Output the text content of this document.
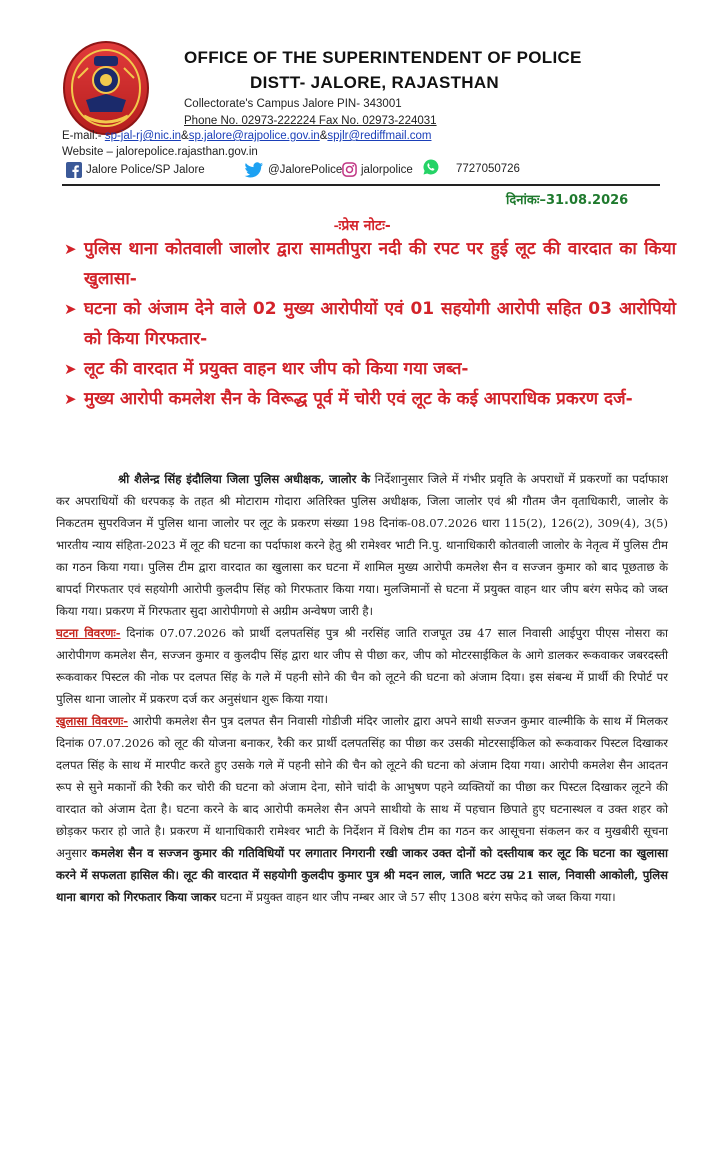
OFFICE OF THE SUPERINTENDENT OF POLICE
DISTT- JALORE, RAJASTHAN
Collectorate's Campus Jalore PIN- 343001
Phone No. 02973-222224 Fax No. 02973-224031
E-mail:- sp-jal-rj@nic.in&sp.jalore@rajpolice.gov.in&spjlr@rediffmail.com
Website – jalorepolice.rajasthan.gov.in
Jalore Police/SP Jalore	@JalorePolice jalorpolice	7727050726
दिनांकः–31.08.2026
-ःप्रेस नोटः-
➤ पुलिस थाना कोतवाली जालोर द्वारा सामतीपुरा नदी की रपट पर हुई लूट की वारदात का किया खुलासा-
➤ घटना को अंजाम देने वाले 02 मुख्य आरोपीयों एवं 01 सहयोगी आरोपी सहित 03 आरोपियो को किया गिरफतार-
➤ लूट की वारदात में प्रयुक्त वाहन थार जीप को किया गया जब्त-
➤ मुख्य आरोपी कमलेश सैन के विरूद्ध पूर्व में चोरी एवं लूट के कई आपराधिक प्रकरण दर्ज-

श्री शैलेन्द्र सिंह इंदौलिया जिला पुलिस अधीक्षक, जालोर के निर्देशानुसार जिले में गंभीर प्रवृति के अपराधों में प्रकरणों का पर्दाफाश कर अपराधियों की धरपकड़ के तहत श्री मोटाराम गोदारा अतिरिक्त पुलिस अधीक्षक, जिला जालोर एवं श्री गौतम जैन वृताधिकारी, जालोर के निकटतम सुपरविजन में पुलिस थाना जालोर पर लूट के प्रकरण संख्या 198 दिनांक-08.07.2026 धारा 115(2), 126(2), 309(4), 3(5) भारतीय न्याय संहिता-2023 में लूट की घटना का पर्दाफाश करने हेतु श्री रामेश्वर भाटी नि.पु. थानाधिकारी कोतवाली जालोर के नेतृत्व में पुलिस टीम का गठन किया गया। पुलिस टीम द्वारा वारदात का खुलासा कर घटना में शामिल मुख्य आरोपी कमलेश सैन व सज्जन कुमार को बाद पूछताछ के बापर्दा गिरफतार एवं सहयोगी आरोपी कुलदीप सिंह को गिरफतार किया गया। मुलजिमानों से घटना में प्रयुक्त वाहन थार जीप बरंग सफेद को जब्त किया गया। प्रकरण में गिरफतार सुदा आरोपीगणो से अग्रीम अन्वेषण जारी है।

घटना विवरणः- दिनांक 07.07.2026 को प्रार्थी दलपतसिंह पुत्र श्री नरसिंह जाति राजपूत उम्र 47 साल निवासी आईपुरा पीएस नोसरा का आरोपीगण कमलेश सैन, सज्जन कुमार व कुलदीप सिंह द्वारा थार जीप से पीछा कर, जीप को मोटरसाईकिल के आगे डालकर रूकवाकर जबरदस्ती रूकवाकर पिस्टल की नोक पर दलपत सिंह के गले में पहनी सोने की चैन को लूटने की घटना को अंजाम दिया। इस संबन्ध में प्रार्थी की रिपोर्ट पर पुलिस थाना जालोर में प्रकरण दर्ज कर अनुसंधान शुरू किया गया।

खुलासा विवरणः- आरोपी कमलेश सैन पुत्र दलपत सैन निवासी गोडीजी मंदिर जालोर द्वारा अपने साथी सज्जन कुमार वाल्मीकि के साथ में मिलकर दिनांक 07.07.2026 को लूट की योजना बनाकर, रैकी कर प्रार्थी दलपतसिंह का पीछा कर उसकी मोटरसाईकिल को रूकवाकर पिस्टल दिखाकर दलपत सिंह के साथ में मारपीट करते हुए उसके गले में पहनी सोने की चैन को लूटने की घटना को अंजाम दिया गया। आरोपी कमलेश सैन आदतन रूप से सुने मकानों की रैकी कर चोरी की घटना को अंजाम देना, सोने चांदी के आभुषण पहने व्यक्तियों का पीछा कर पिस्टल दिखाकर लूटने की वारदात को अंजाम देता है। घटना करने के बाद आरोपी कमलेश सैन अपने साथीयो के साथ में पहचान छिपाते हुए घटनास्थल व उक्त शहर को छोड़कर फरार हो जाते है। प्रकरण में थानाधिकारी रामेश्वर भाटी के निर्देशन में विशेष टीम का गठन कर आसूचना संकलन कर व मुखबीरी सूचना अनुसार कमलेश सैन व सज्जन कुमार की गतिविधियों पर लगातार निगरानी रखी जाकर उक्त दोनों को दस्तीयाब कर लूट कि घटना का खुलासा करने में सफलता हासिल की। लूट की वारदात में सहयोगी कुलदीप कुमार पुत्र श्री मदन लाल, जाति भटट उम्र 21 साल, निवासी आकोली, पुलिस थाना बागरा को गिरफतार किया जाकर घटना में प्रयुक्त वाहन थार जीप नम्बर आर जे 57 सीए 1308 बरंग सफेद को जब्त किया गया।
